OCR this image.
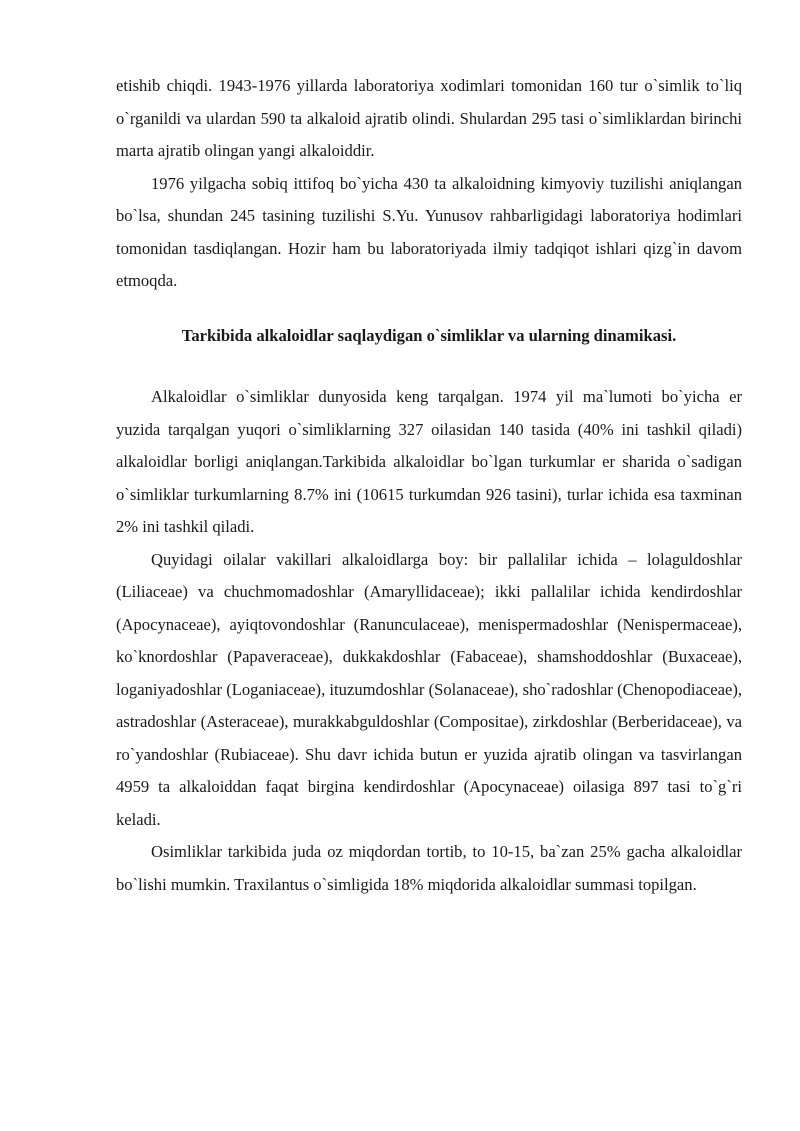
etishib chiqdi. 1943-1976 yillarda laboratoriya xodimlari tomonidan 160 tur o`simlik to`liq o`rganildi va ulardan 590 ta alkaloid ajratib olindi. Shulardan 295 tasi o`simliklardan birinchi marta ajratib olingan yangi alkaloiddir.

1976 yilgacha sobiq ittifoq bo`yicha 430 ta alkaloidning kimyoviy tuzilishi aniqlangan bo`lsa, shundan 245 tasining tuzilishi S.Yu. Yunusov rahbarligidagi laboratoriya hodimlari tomonidan tasdiqlangan. Hozir ham bu laboratoriyada ilmiy tadqiqot ishlari qizg`in davom etmoqda.

Tarkibida alkaloidlar saqlaydigan o`simliklar va ularning dinamikasi.

Alkaloidlar o`simliklar dunyosida keng tarqalgan. 1974 yil ma`lumoti bo`yicha er yuzida tarqalgan yuqori o`simliklarning 327 oilasidan 140 tasida (40% ini tashkil qiladi) alkaloidlar borligi aniqlangan.Tarkibida alkaloidlar bo`lgan turkumlar er sharida o`sadigan o`simliklar turkumlarning 8.7% ini (10615 turkumdan 926 tasini), turlar ichida esa taxminan 2% ini tashkil qiladi.

Quyidagi oilalar vakillari alkaloidlarga boy: bir pallalilar ichida – lolaguldoshlar (Liliaceae) va chuchmomadoshlar (Amaryllidaceae); ikki pallalilar ichida kendirdoshlar (Apocynaceae), ayiqtovondoshlar (Ranunculaceae), menispermadoshlar (Nenispermaceae), ko`knordoshlar (Papaveraceae), dukkakdoshlar (Fabaceae), shamshoddoshlar (Buxaceae), loganiyadoshlar (Loganiaceae), ituzumdoshlar (Solanaceae), sho`radoshlar (Chenopodiaceae), astradoshlar (Asteraceae), murakkabguldoshlar (Compositae), zirkdoshlar (Berberidaceae), va ro`yandoshlar (Rubiaceae). Shu davr ichida butun er yuzida ajratib olingan va tasvirlangan 4959 ta alkaloiddan faqat birgina kendirdoshlar (Apocynaceae) oilasiga 897 tasi to`g`ri keladi.

Osimliklar tarkibida juda oz miqdordan tortib, to 10-15, ba`zan 25% gacha alkaloidlar bo`lishi mumkin. Traxilantus o`simligida 18% miqdorida alkaloidlar summasi topilgan.
